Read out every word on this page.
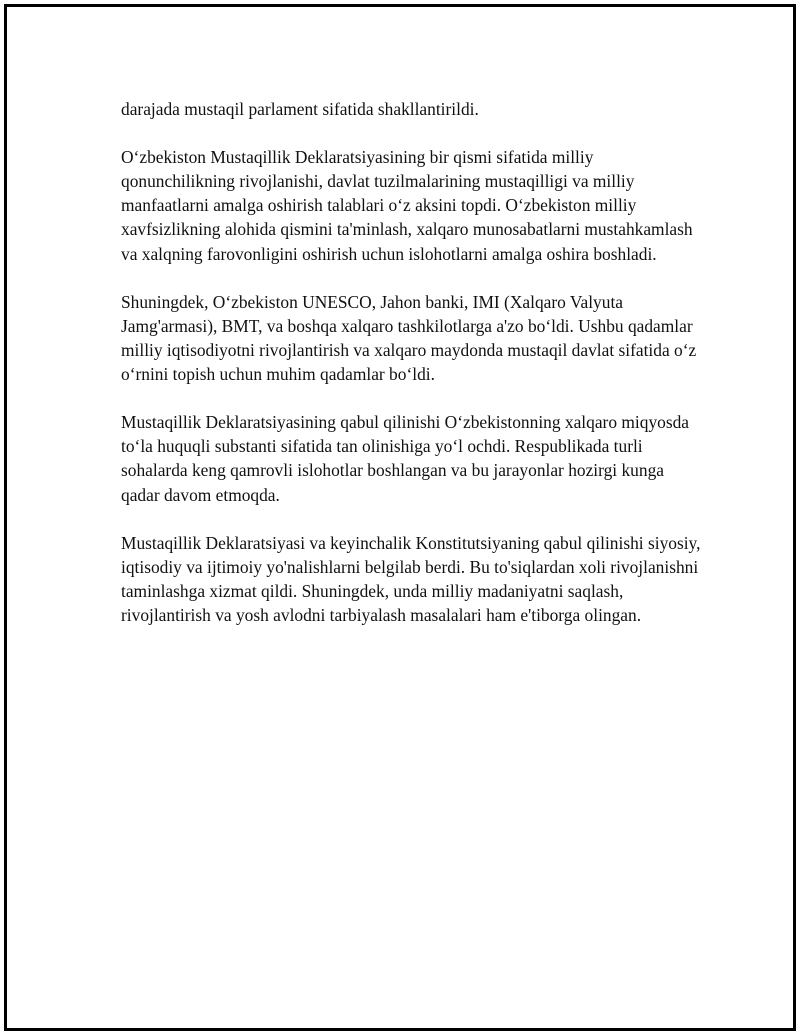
darajada mustaqil parlament sifatida shakllantirildi.

O‘zbekiston Mustaqillik Deklaratsiyasining bir qismi sifatida milliy qonunchilikning rivojlanishi, davlat tuzilmalarining mustaqilligi va milliy manfaatlarni amalga oshirish talablari o‘z aksini topdi. O‘zbekiston milliy xavfsizlikning alohida qismini ta'minlash, xalqaro munosabatlarni mustahkamlash va xalqning farovonligini oshirish uchun islohotlarni amalga oshira boshladi.

Shuningdek, O‘zbekiston UNESCO, Jahon banki, IMI (Xalqaro Valyuta Jamg'armasi), BMT, va boshqa xalqaro tashkilotlarga a'zo bo‘ldi. Ushbu qadamlar milliy iqtisodiyotni rivojlantirish va xalqaro maydonda mustaqil davlat sifatida o‘z o‘rnini topish uchun muhim qadamlar bo‘ldi.

Mustaqillik Deklaratsiyasining qabul qilinishi O‘zbekistonning xalqaro miqyosda to‘la huquqli substanti sifatida tan olinishiga yo‘l ochdi. Respublikada turli sohalarda keng qamrovli islohotlar boshlangan va bu jarayonlar hozirgi kunga qadar davom etmoqda.

Mustaqillik Deklaratsiyasi va keyinchalik Konstitutsiyaning qabul qilinishi siyosiy, iqtisodiy va ijtimoiy yo'nalishlarni belgilab berdi. Bu to'siqlardan xoli rivojlanishni taminlashga xizmat qildi. Shuningdek, unda milliy madaniyatni saqlash, rivojlantirish va yosh avlodni tarbiyalash masalalari ham e'tiborga olingan.
